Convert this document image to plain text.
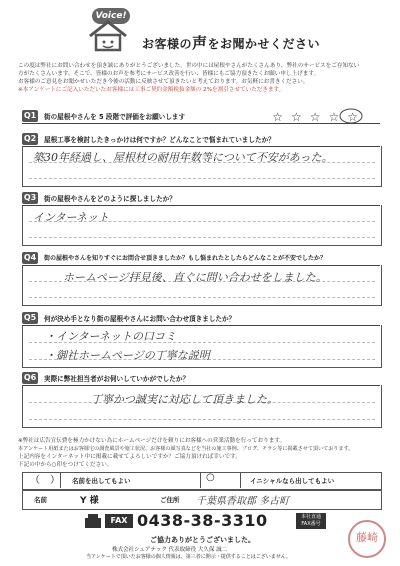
Voice!
お客様の声をお聞かせください
この度は弊社にお問い合わせを頂き誠にありがとうございました。世の中には屋根やさんがたくさんあり、弊社のサービスをご存知ない
方がたくさんいます。そこで、皆様のお声を参考にサービス改善を行い、皆様にもご協力頂きたくお願い申し上げます。
お客様のご意見をお聞かせいただき今後の活動に反映させて頂きたいと考えております。お気軽にお書きください。
※本アンケートにご記入いただいたお客様には工事ご契約金額税抜金額の 2%を割引させていただきます。
Q1 街の屋根やさんを 5 段階で評価をお願いします	☆☆☆☆☆
Q2 屋根工事を検討したきっかけは何ですか？どんなことで悩まれていましたか？
築30年経過し、屋根材の耐用年数等について不安があった。
Q3 街の屋根やさんをどのように探しましたか？
インターネット
Q4	街の屋根やさんを知りすぐにお問合せ頂きましたか？もし悩まれたとしたらどんなことが不安でしたか？
ホームページ拝見後、直ぐに問い合わせをしました。
Q5 何が決め手となり街の屋根やさんにお問い合わせ頂きましたか？
・インターネットの口コミ
・御社ホームページの丁寧な説明
Q6 実際に弊社担当者がお伺いしていかがでしたか？
丁寧かつ誠実に対応して頂きました。
※弊社は広告宣伝費を極力かけない為にホームページだけを頼りにお客様への営業活動を行っております。
本アンケート用紙またはお客様宅の調査風景や施工状況、お客様の顔写真などを当社の施工事例、ブログ、チラシ等に掲載させて頂いております。
上記内容をインターネット中に掲載に載せてよろしいですか？ご協力頂ければ幸いです。
下記の中から○印をつけてください。
（　） 名前を出してもよい	○	イニシャルなら出してもよい
名前	Y 様	ご住所 千葉県香取郡 多古町
FAX 0438-38-3310	本社直通 FAX番号
ご協力ありがとうございました。
株式会社シェアテック 代表取締役 大久保 誠二
当アンケートで頂いたお客様の個人情報は、第三者に開示・提供することはございません。
藤崎
